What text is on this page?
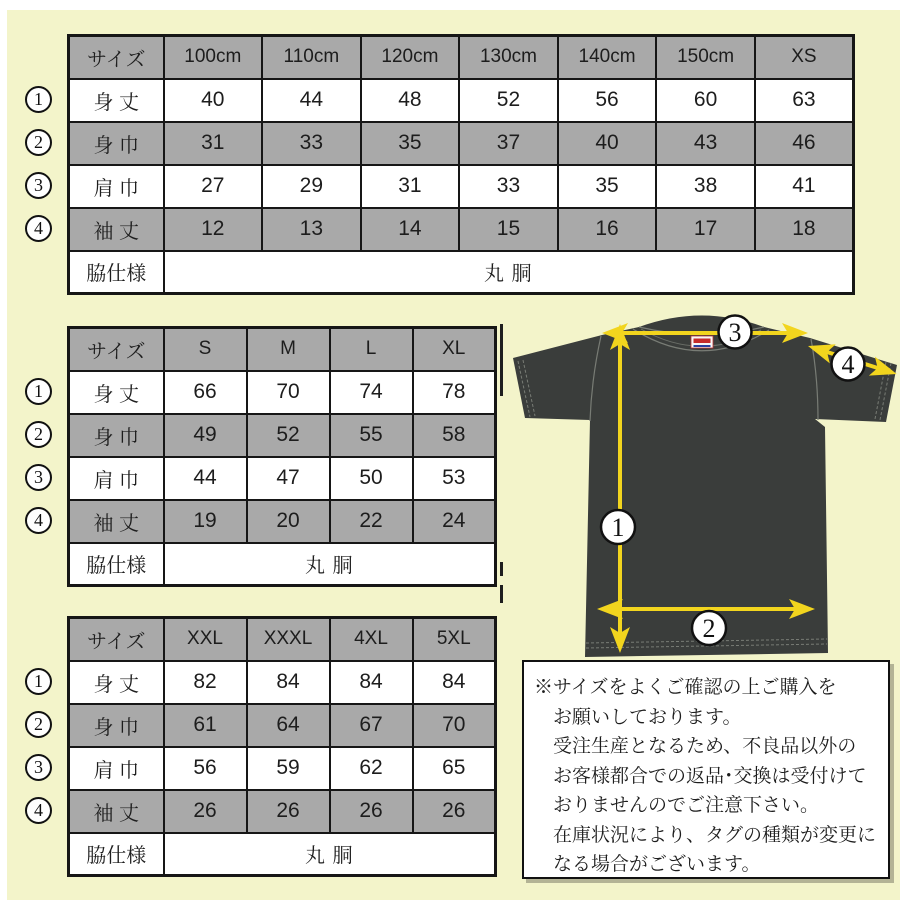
サイズ	100cm	110cm	120cm	130cm	140cm	150cm	XS
身 丈	40	44	48	52	56	60	63
身 巾	31	33	35	37	40	43	46
肩 巾	27	29	31	33	35	38	41
袖 丈	12	13	14	15	16	17	18
脇仕様	丸 胴						
1
2
3
4
サイズ	S	M	L	XL
身 丈	66	70	74	78
身 巾	49	52	55	58
肩 巾	44	47	50	53
袖 丈	19	20	22	24
脇仕様	丸 胴			
1
2
3
4
サイズ	XXL	XXXL	4XL	5XL
身 丈	82	84	84	84
身 巾	61	64	67	70
肩 巾	56	59	62	65
袖 丈	26	26	26	26
脇仕様	丸 胴			
1
2
3
4
1
2
3
4
※サイズをよくご確認の上ご購入を
お願いしております。
受注生産となるため、不良品以外の
お客様都合での返品･交換は受付けて
おりませんのでご注意下さい。
在庫状況により、タグの種類が変更に
なる場合がございます。
